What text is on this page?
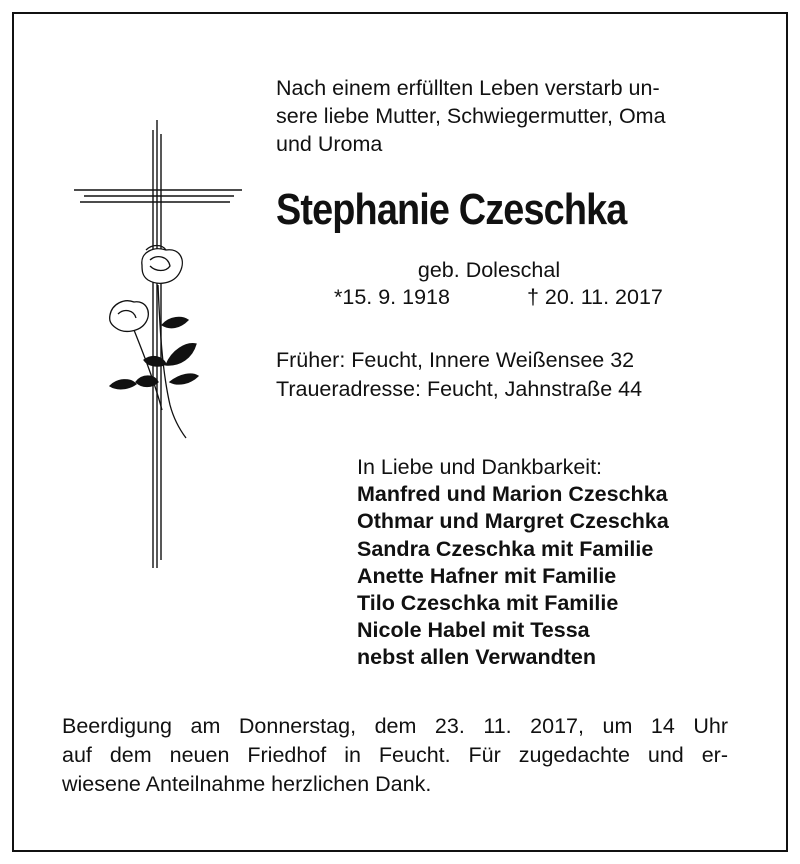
Nach einem erfüllten Leben verstarb un-
sere liebe Mutter, Schwiegermutter, Oma
und Uroma
Stephanie Czeschka
geb. Doleschal
*15. 9. 1918	† 20. 11. 2017
Früher: Feucht, Innere Weißensee 32
Traueradresse: Feucht, Jahnstraße 44
In Liebe und Dankbarkeit:
Manfred und Marion Czeschka
Othmar und Margret Czeschka
Sandra Czeschka mit Familie
Anette Hafner mit Familie
Tilo Czeschka mit Familie
Nicole Habel mit Tessa
nebst allen Verwandten
Beerdigung am Donnerstag, dem 23. 11. 2017, um 14 Uhr
auf dem neuen Friedhof in Feucht. Für zugedachte und er-
wiesene Anteilnahme herzlichen Dank.
